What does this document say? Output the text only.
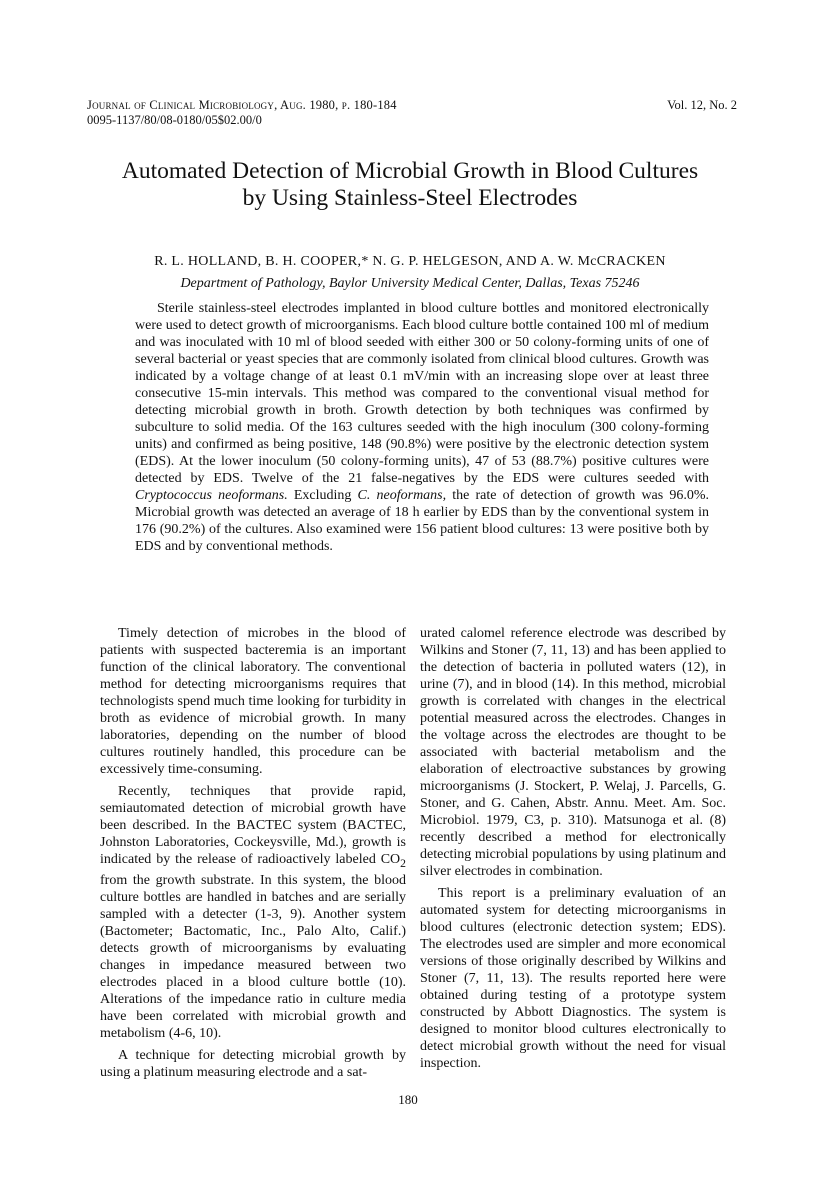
Journal of Clinical Microbiology, Aug. 1980, p. 180-184
0095-1137/80/08-0180/05$02.00/0
Vol. 12, No. 2
Automated Detection of Microbial Growth in Blood Cultures
by Using Stainless-Steel Electrodes
R. L. HOLLAND, B. H. COOPER,* N. G. P. HELGESON, AND A. W. McCRACKEN
Department of Pathology, Baylor University Medical Center, Dallas, Texas 75246

Sterile stainless-steel electrodes implanted in blood culture bottles and monitored electronically were used to detect growth of microorganisms. Each blood culture bottle contained 100 ml of medium and was inoculated with 10 ml of blood seeded with either 300 or 50 colony-forming units of one of several bacterial or yeast species that are commonly isolated from clinical blood cultures. Growth was indicated by a voltage change of at least 0.1 mV/min with an increasing slope over at least three consecutive 15-min intervals. This method was compared to the conventional visual method for detecting microbial growth in broth. Growth detection by both techniques was confirmed by subculture to solid media. Of the 163 cultures seeded with the high inoculum (300 colony-forming units) and confirmed as being positive, 148 (90.8%) were positive by the electronic detection system (EDS). At the lower inoculum (50 colony-forming units), 47 of 53 (88.7%) positive cultures were detected by EDS. Twelve of the 21 false-negatives by the EDS were cultures seeded with Cryptococcus neoformans. Excluding C. neoformans, the rate of detection of growth was 96.0%. Microbial growth was detected an average of 18 h earlier by EDS than by the conventional system in 176 (90.2%) of the cultures. Also examined were 156 patient blood cultures: 13 were positive both by EDS and by conventional methods.

Timely detection of microbes in the blood of patients with suspected bacteremia is an important function of the clinical laboratory. The conventional method for detecting microorganisms requires that technologists spend much time looking for turbidity in broth as evidence of microbial growth. In many laboratories, depending on the number of blood cultures routinely handled, this procedure can be excessively time-consuming.

Recently, techniques that provide rapid, semiautomated detection of microbial growth have been described. In the BACTEC system (BACTEC, Johnston Laboratories, Cockeysville, Md.), growth is indicated by the release of radioactively labeled $CO_2$ from the growth substrate. In this system, the blood culture bottles are handled in batches and are serially sampled with a detecter (1-3, 9). Another system (Bactometer; Bactomatic, Inc., Palo Alto, Calif.) detects growth of microorganisms by evaluating changes in impedance measured between two electrodes placed in a blood culture bottle (10). Alterations of the impedance ratio in culture media have been correlated with microbial growth and metabolism (4-6, 10).

A technique for detecting microbial growth by using a platinum measuring electrode and a sat-

urated calomel reference electrode was described by Wilkins and Stoner (7, 11, 13) and has been applied to the detection of bacteria in polluted waters (12), in urine (7), and in blood (14). In this method, microbial growth is correlated with changes in the electrical potential measured across the electrodes. Changes in the voltage across the electrodes are thought to be associated with bacterial metabolism and the elaboration of electroactive substances by growing microorganisms (J. Stockert, P. Welaj, J. Parcells, G. Stoner, and G. Cahen, Abstr. Annu. Meet. Am. Soc. Microbiol. 1979, C3, p. 310). Matsunoga et al. (8) recently described a method for electronically detecting microbial populations by using platinum and silver electrodes in combination.

This report is a preliminary evaluation of an automated system for detecting microorganisms in blood cultures (electronic detection system; EDS). The electrodes used are simpler and more economical versions of those originally described by Wilkins and Stoner (7, 11, 13). The results reported here were obtained during testing of a prototype system constructed by Abbott Diagnostics. The system is designed to monitor blood cultures electronically to detect microbial growth without the need for visual inspection.

180
